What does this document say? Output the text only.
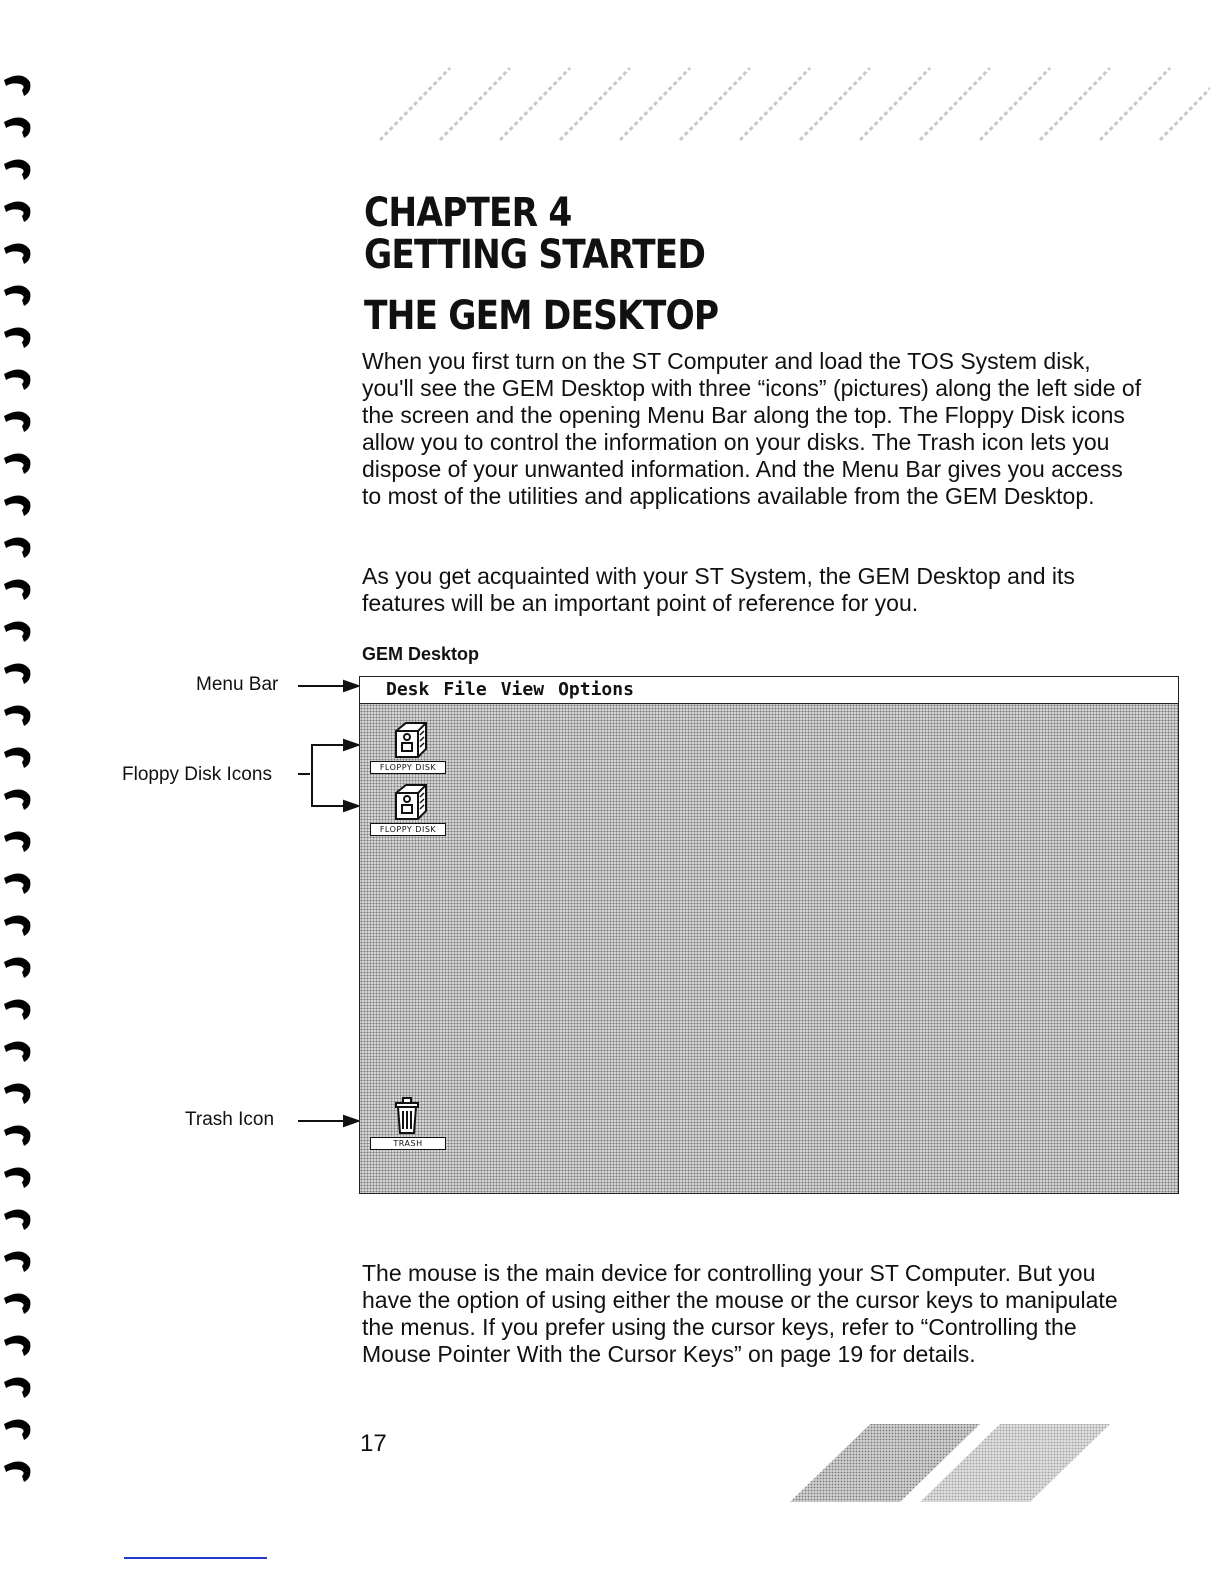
CHAPTER 4
GETTING STARTED
THE GEM DESKTOP

When you first turn on the ST Computer and load the TOS System disk, you'll see the GEM Desktop with three “icons” (pictures) along the left side of the screen and the opening Menu Bar along the top. The Floppy Disk icons allow you to control the information on your disks. The Trash icon lets you dispose of your unwanted information. And the Menu Bar gives you access to most of the utilities and applications available from the GEM Desktop.

As you get acquainted with your ST System, the GEM Desktop and its features will be an important point of reference for you.

GEM Desktop
Menu Bar
Floppy Disk Icons
Trash Icon
Desk File View Options
FLOPPY DISK
FLOPPY DISK
TRASH

The mouse is the main device for controlling your ST Computer. But you have the option of using either the mouse or the cursor keys to manipulate the menus. If you prefer using the cursor keys, refer to “Controlling the Mouse Pointer With the Cursor Keys” on page 19 for details.

17
